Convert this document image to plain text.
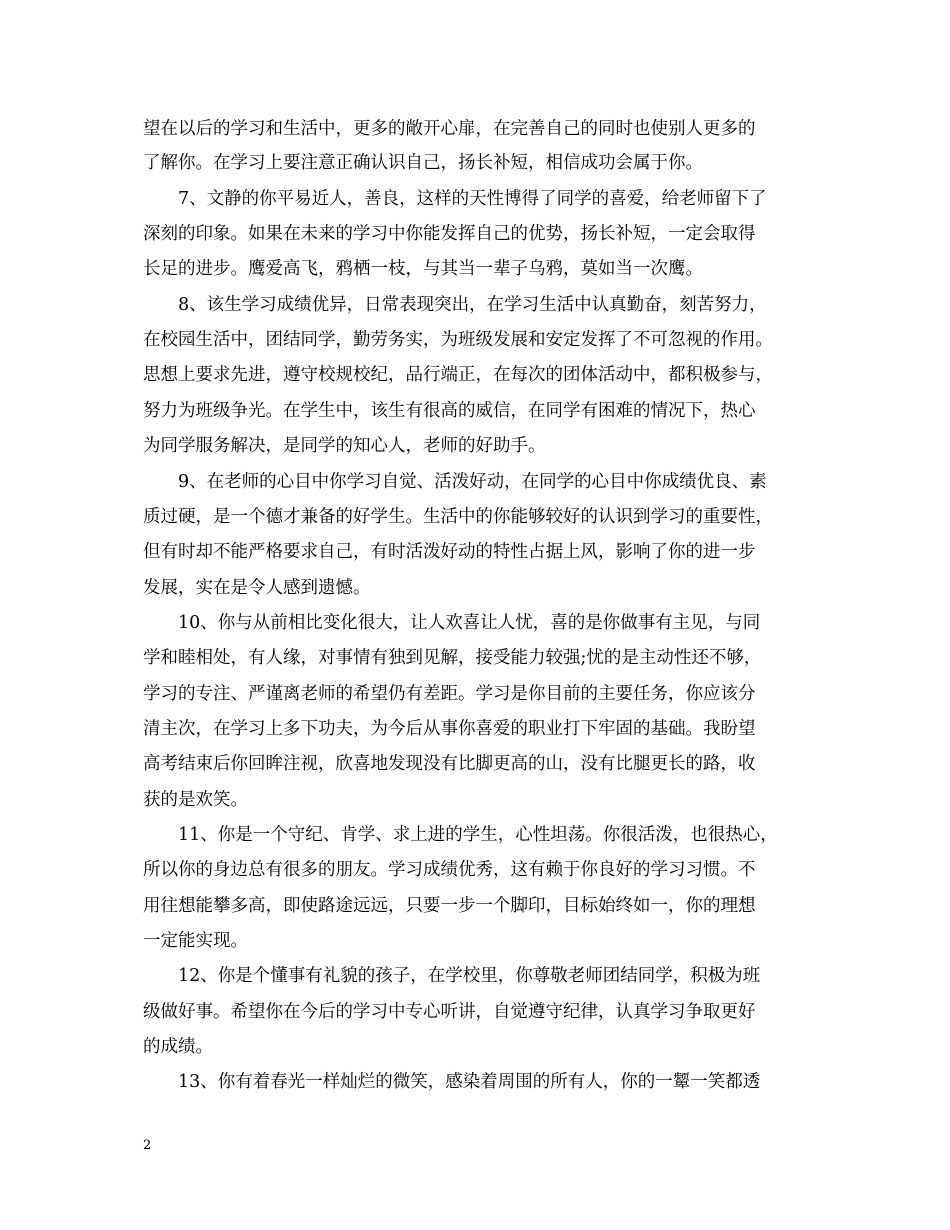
望在以后的学习和生活中，更多的敞开心扉，在完善自己的同时也使别人更多的
了解你。在学习上要注意正确认识自己，扬长补短，相信成功会属于你。
7、文静的你平易近人，善良，这样的天性博得了同学的喜爱，给老师留下了
深刻的印象。如果在未来的学习中你能发挥自己的优势，扬长补短，一定会取得
长足的进步。鹰爱高飞，鸦栖一枝，与其当一辈子乌鸦，莫如当一次鹰。
8、该生学习成绩优异，日常表现突出，在学习生活中认真勤奋，刻苦努力，
在校园生活中，团结同学，勤劳务实，为班级发展和安定发挥了不可忽视的作用。
思想上要求先进，遵守校规校纪，品行端正，在每次的团体活动中，都积极参与，
努力为班级争光。在学生中，该生有很高的威信，在同学有困难的情况下，热心
为同学服务解决，是同学的知心人，老师的好助手。
9、在老师的心目中你学习自觉、活泼好动，在同学的心目中你成绩优良、素
质过硬，是一个德才兼备的好学生。生活中的你能够较好的认识到学习的重要性，
但有时却不能严格要求自己，有时活泼好动的特性占据上风，影响了你的进一步
发展，实在是令人感到遗憾。
10、你与从前相比变化很大，让人欢喜让人忧，喜的是你做事有主见，与同
学和睦相处，有人缘，对事情有独到见解，接受能力较强;忧的是主动性还不够，
学习的专注、严谨离老师的希望仍有差距。学习是你目前的主要任务，你应该分
清主次，在学习上多下功夫，为今后从事你喜爱的职业打下牢固的基础。我盼望
高考结束后你回眸注视，欣喜地发现没有比脚更高的山，没有比腿更长的路，收
获的是欢笑。
11、你是一个守纪、肯学、求上进的学生，心性坦荡。你很活泼，也很热心，
所以你的身边总有很多的朋友。学习成绩优秀，这有赖于你良好的学习习惯。不
用往想能攀多高，即使路途远远，只要一步一个脚印，目标始终如一，你的理想
一定能实现。
12、你是个懂事有礼貌的孩子，在学校里，你尊敬老师团结同学，积极为班
级做好事。希望你在今后的学习中专心听讲，自觉遵守纪律，认真学习争取更好
的成绩。
13、你有着春光一样灿烂的微笑，感染着周围的所有人，你的一颦一笑都透
2
